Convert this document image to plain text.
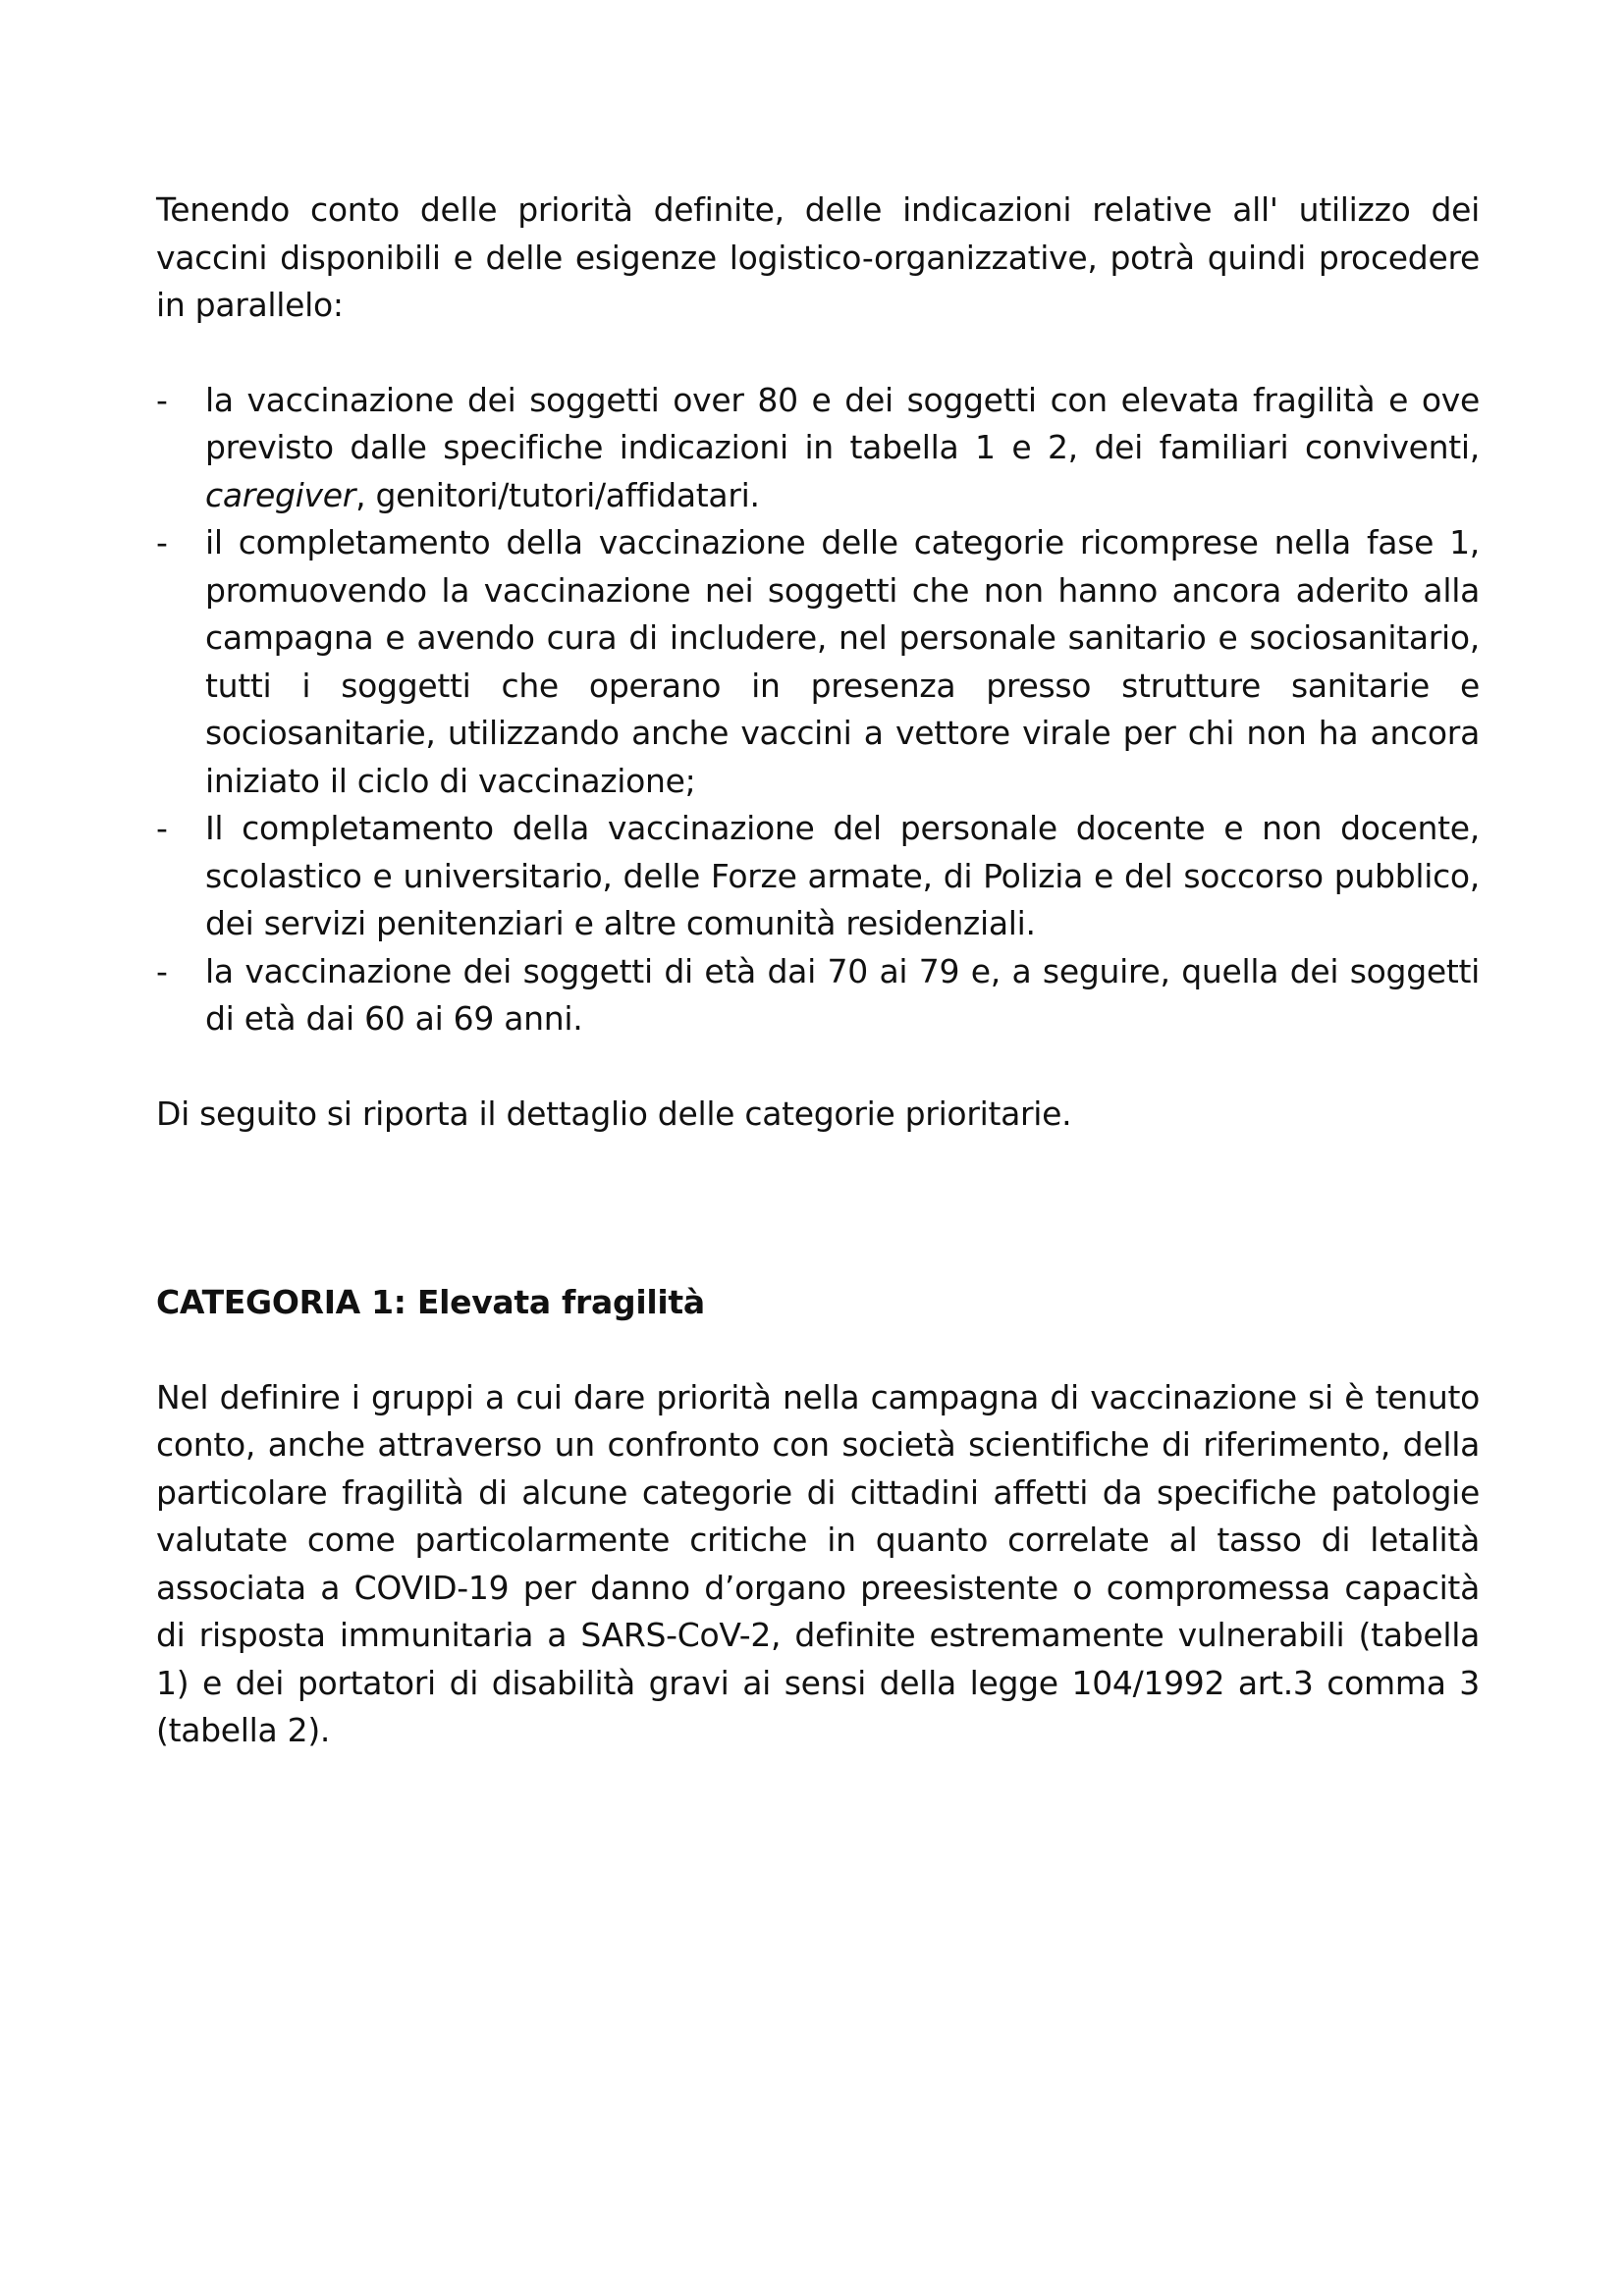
Tenendo conto delle priorità definite, delle indicazioni relative all' utilizzo dei vaccini disponibili e delle esigenze logistico-organizzative, potrà quindi procedere in parallelo:

- la vaccinazione dei soggetti over 80 e dei soggetti con elevata fragilità e ove previsto dalle specifiche indicazioni in tabella 1 e 2, dei familiari conviventi, caregiver, genitori/tutori/affidatari.
- il completamento della vaccinazione delle categorie ricomprese nella fase 1, promuovendo la vaccinazione nei soggetti che non hanno ancora aderito alla campagna e avendo cura di includere, nel personale sanitario e sociosanitario, tutti i soggetti che operano in presenza presso strutture sanitarie e sociosanitarie, utilizzando anche vaccini a vettore virale per chi non ha ancora iniziato il ciclo di vaccinazione;
- Il completamento della vaccinazione del personale docente e non docente, scolastico e universitario, delle Forze armate, di Polizia e del soccorso pubblico, dei servizi penitenziari e altre comunità residenziali.
- la vaccinazione dei soggetti di età dai 70 ai 79 e, a seguire, quella dei soggetti di età dai 60 ai 69 anni.

Di seguito si riporta il dettaglio delle categorie prioritarie.

CATEGORIA 1: Elevata fragilità

Nel definire i gruppi a cui dare priorità nella campagna di vaccinazione si è tenuto conto, anche attraverso un confronto con società scientifiche di riferimento, della particolare fragilità di alcune categorie di cittadini affetti da specifiche patologie valutate come particolarmente critiche in quanto correlate al tasso di letalità associata a COVID-19 per danno d’organo preesistente o compromessa capacità di risposta immunitaria a SARS-CoV-2, definite estremamente vulnerabili (tabella 1) e dei portatori di disabilità gravi ai sensi della legge 104/1992 art.3 comma 3 (tabella 2).
